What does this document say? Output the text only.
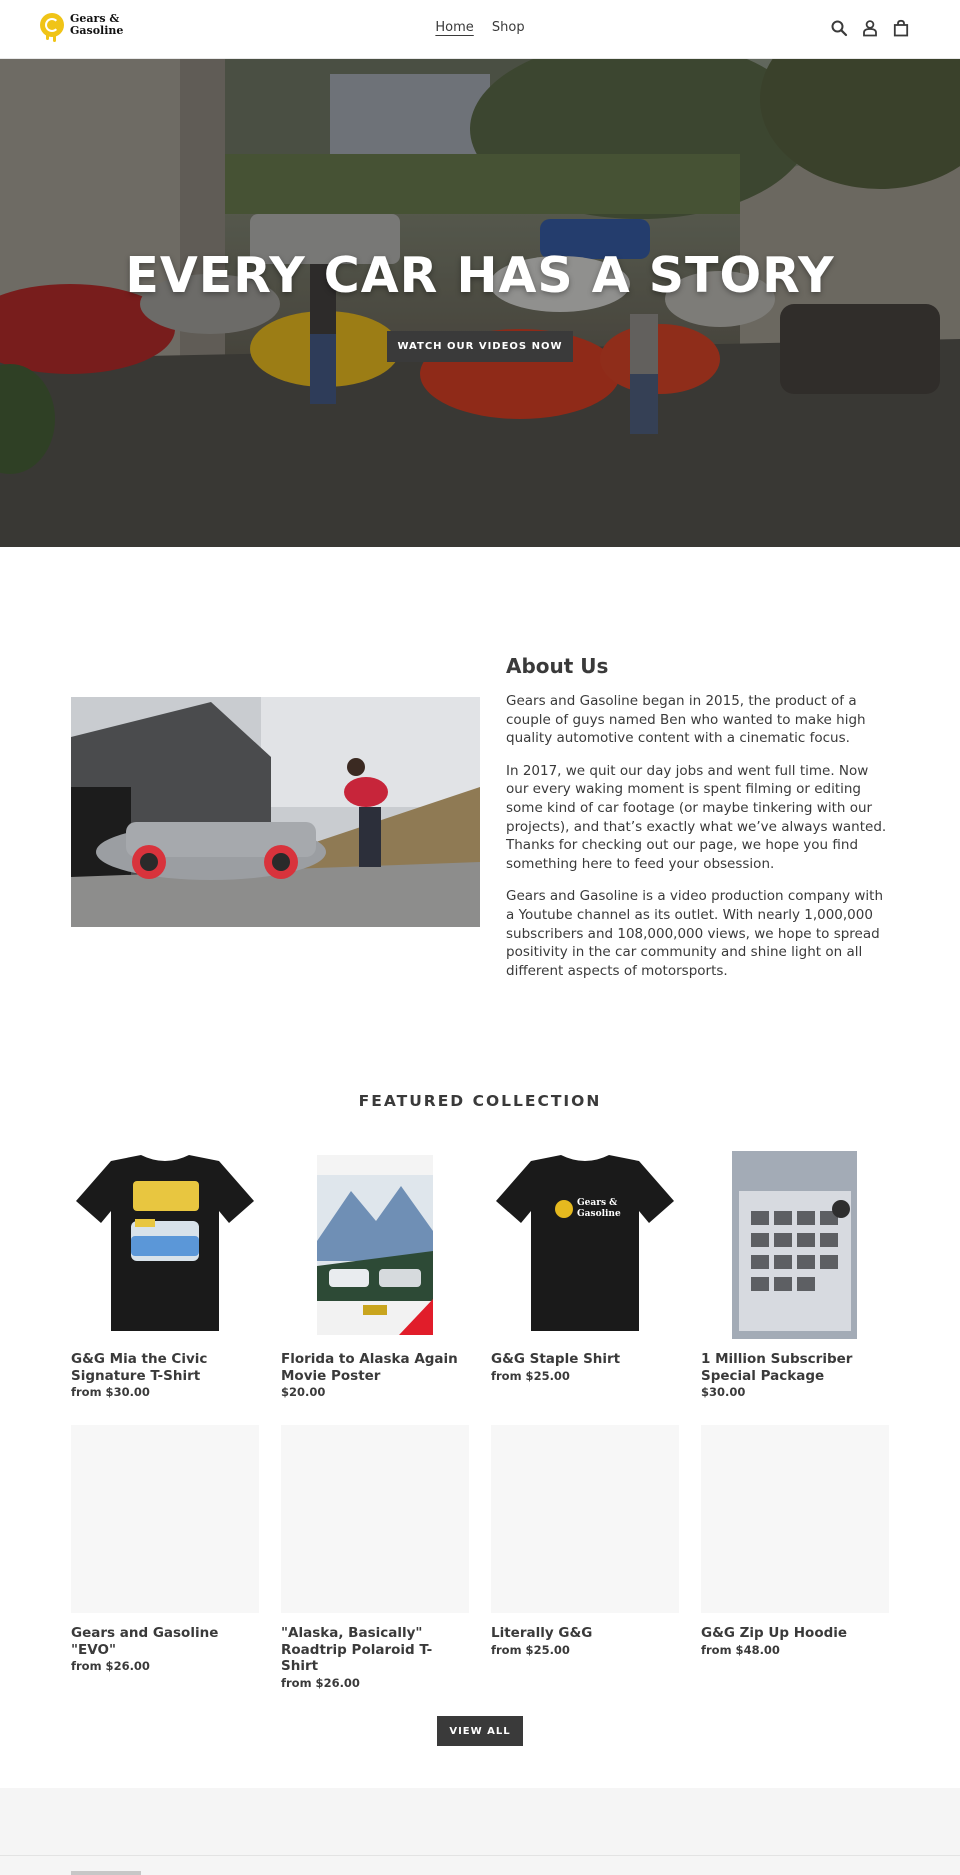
Gears &
Gasoline	Home Shop
EVERY CAR HAS A STORY
WATCH OUR VIDEOS NOW
About Us

Gears and Gasoline began in 2015, the product of a couple of guys named Ben who wanted to make high quality automotive content with a cinematic focus.

In 2017, we quit our day jobs and went full time. Now our every waking moment is spent filming or editing some kind of car footage (or maybe tinkering with our projects), and that’s exactly what we’ve always wanted. Thanks for checking out our page, we hope you find something here to feed your obsession.

Gears and Gasoline is a video production company with a Youtube channel as its outlet. With nearly 1,000,000 subscribers and 108,000,000 views, we hope to spread positivity in the car community and shine light on all different aspects of motorsports.

FEATURED COLLECTION
G&G Mia the Civic Signature T-Shirt
from $30.00
PRE ORDER
Florida to Alaska Again Movie Poster
$20.00
Gears &
Gasoline
G&G Staple Shirt
from $25.00
1 Million Subscriber Special Package
$30.00
Gears and Gasoline "EVO"
from $26.00
"Alaska, Basically" Roadtrip Polaroid T-Shirt
from $26.00
Literally G&G
from $25.00
G&G Zip Up Hoodie
from $48.00
VIEW ALL
